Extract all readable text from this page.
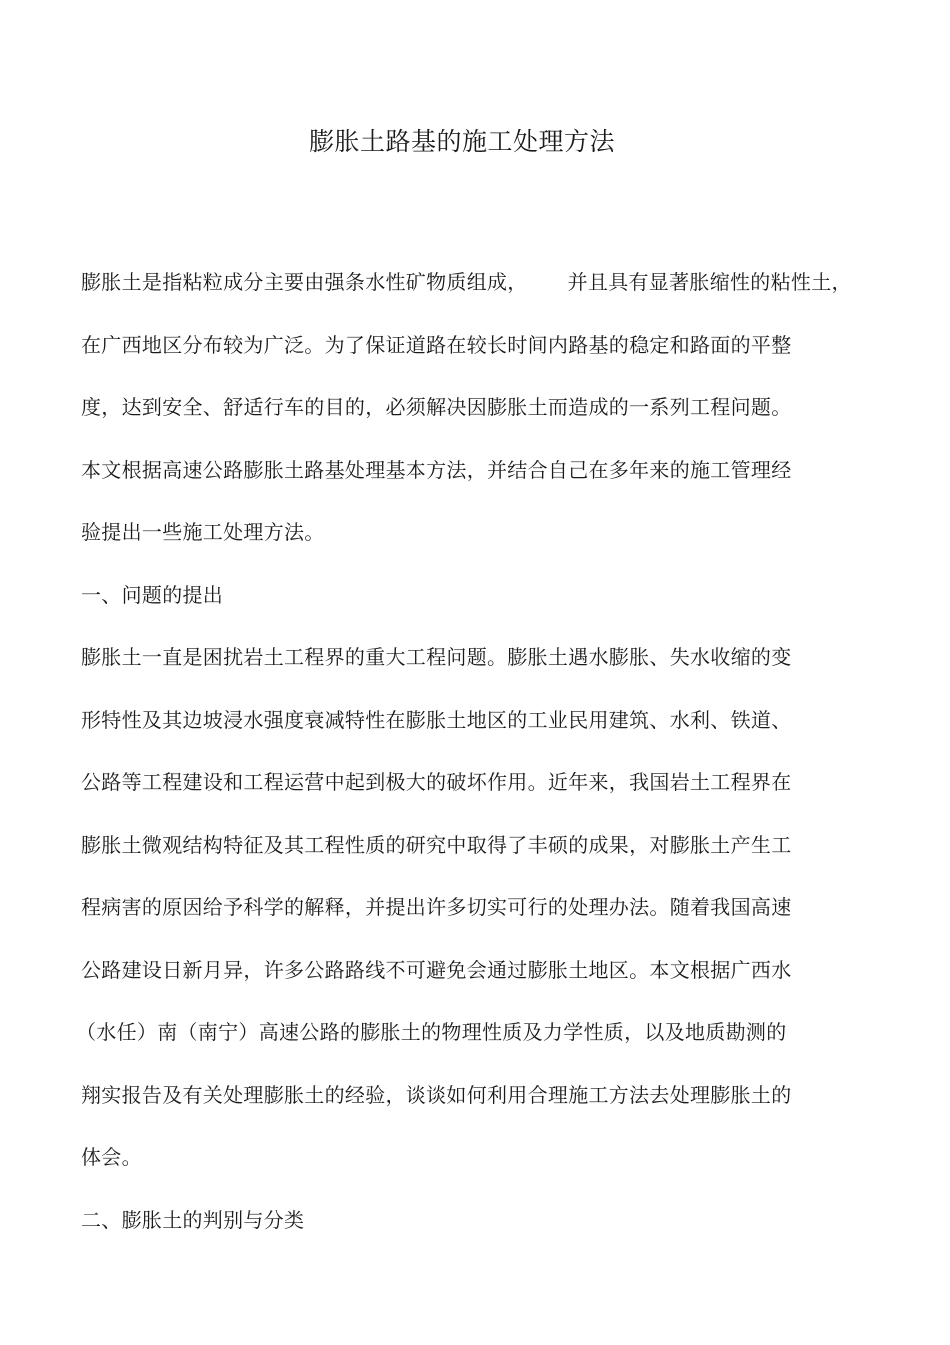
膨胀土路基的施工处理方法
膨胀土是指粘粒成分主要由强条水性矿物质组成， 并且具有显著胀缩性的粘性土，
在广西地区分布较为广泛。为了保证道路在较长时间内路基的稳定和路面的平整
度，达到安全、舒适行车的目的，必须解决因膨胀土而造成的一系列工程问题。
本文根据高速公路膨胀土路基处理基本方法，并结合自己在多年来的施工管理经
验提出一些施工处理方法。
一、问题的提出
膨胀土一直是困扰岩土工程界的重大工程问题。膨胀土遇水膨胀、失水收缩的变
形特性及其边坡浸水强度衰减特性在膨胀土地区的工业民用建筑、水利、铁道、
公路等工程建设和工程运营中起到极大的破坏作用。近年来，我国岩土工程界在
膨胀土微观结构特征及其工程性质的研究中取得了丰硕的成果，对膨胀土产生工
程病害的原因给予科学的解释，并提出许多切实可行的处理办法。随着我国高速
公路建设日新月异，许多公路路线不可避免会通过膨胀土地区。本文根据广西水
（水任）南（南宁）高速公路的膨胀土的物理性质及力学性质，以及地质勘测的
翔实报告及有关处理膨胀土的经验，谈谈如何利用合理施工方法去处理膨胀土的
体会。
二、膨胀土的判别与分类
